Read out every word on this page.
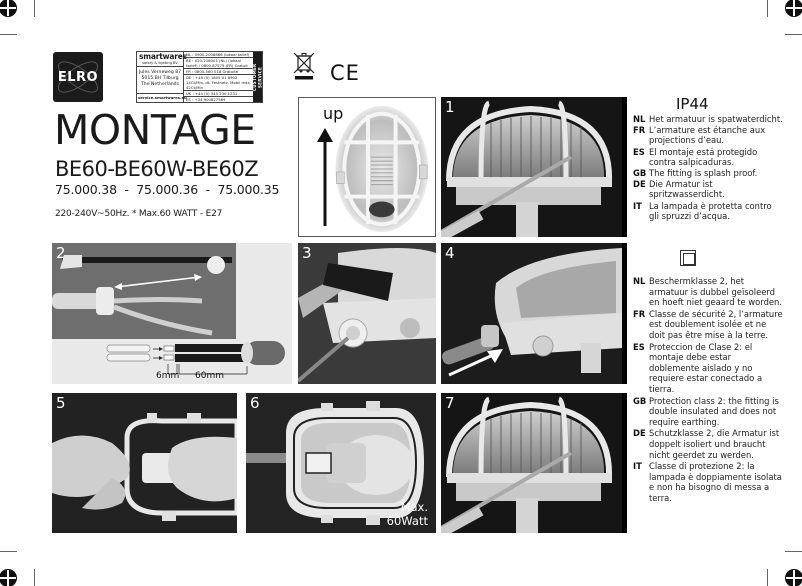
ELRO
smartwares
safety & lighting BV
Jules Verneweg 87
5015 BH Tilburg
The Netherlands
service.smartwares.eu
NL : 0900-2008866 (lokaal tarief)
BE : 020-218001 (NL) (lokaal tarief) / 0800-87575 (FR) Gratuit
FR : 0805-560 018 Gratuite
DE : +49 (0) 1805 01 8902 14Ct/Min. dt. Festnetz, Mobil max. 42Ct/Min
UK : +44 (0) 345 230 1231
ES : +34 900827569
CUSTOMER SERVICE	CE
MONTAGE
BE60-BE60W-BE60Z
75.000.38  -  75.000.36  -  75.000.35
220-240V~50Hz. * Max.60 WATT - E27
up	1
6mm 60mm
2	3	4
5	6
Max.
60Watt
7
IP44
NL Het armatuur is spatwaterdicht.
FR L’armature est étanche aux projections d’eau.
ES El montaje está protegido contra salpicaduras.
GB The fitting is splash proof.
DE Die Armatur ist spritzwasserdicht.
IT La lampada è protetta contro gli spruzzi d’acqua.
NL Beschermklasse 2, het armatuur is dubbel geïsoleerd en hoeft niet geaard te worden.
FR Classe de sécurité 2, l’armature est doublement isolée et ne doit pas être mise à la terre.
ES Proteccion de Clase 2: el montaje debe estar doblemente aislado y no requiere estar conectado a tierra.
GB Protection class 2: the fitting is double insulated and does not require earthing.
DE Schutzklasse 2, die Armatur ist doppelt isoliert und braucht nicht geerdet zu werden.
IT Classe di protezione 2: la lampada è doppiamente isolata e non ha bisogno di messa a terra.
